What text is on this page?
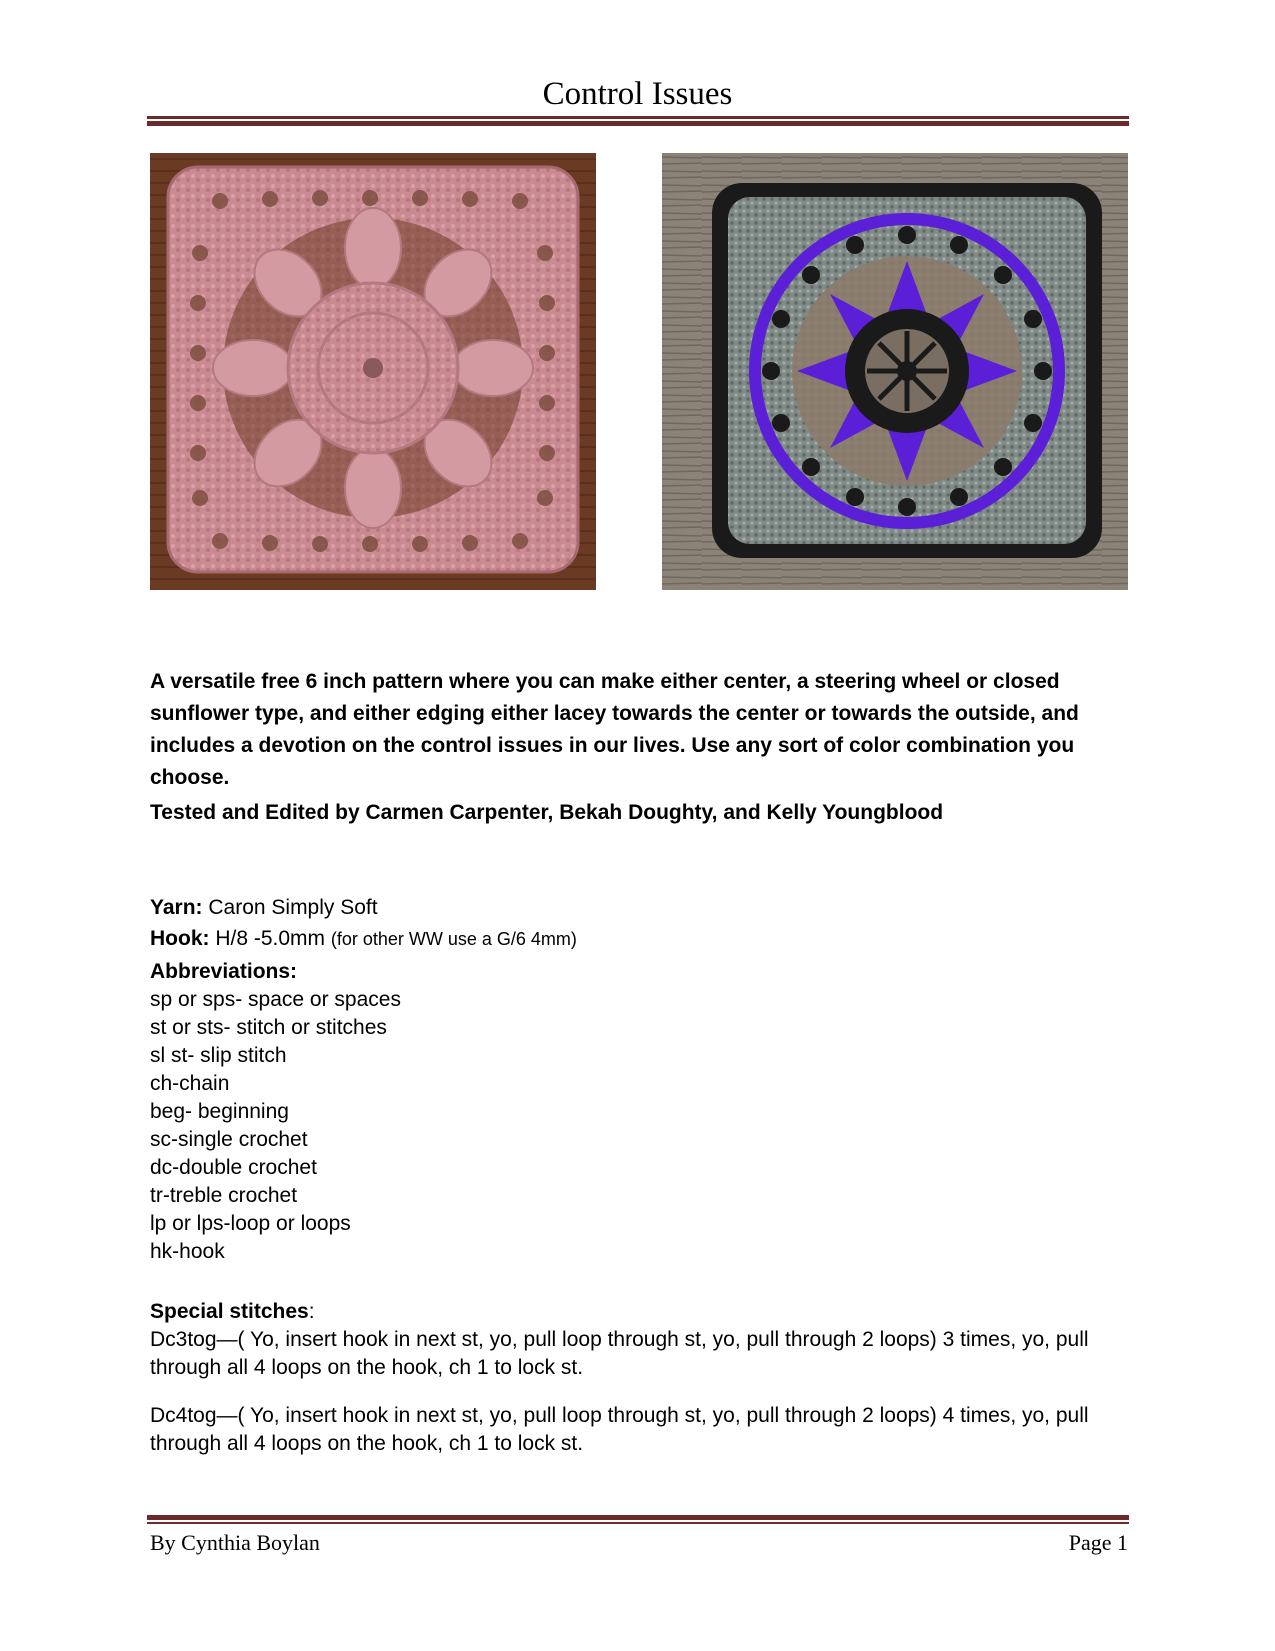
Control Issues
A versatile free 6 inch pattern where you can make either center, a steering wheel or closed sunflower type, and either edging either lacey towards the center or towards the outside, and includes a devotion on the control issues in our lives. Use any sort of color combination you choose.
Tested and Edited by Carmen Carpenter, Bekah Doughty, and Kelly Youngblood
Yarn: Caron Simply Soft
Hook: H/8 -5.0mm (for other WW use a G/6 4mm)
Abbreviations:
sp or sps- space or spaces
st or sts- stitch or stitches
sl st- slip stitch
ch-chain
beg- beginning
sc-single crochet
dc-double crochet
tr-treble crochet
lp or lps-loop or loops
hk-hook
Special stitches:

Dc3tog—( Yo, insert hook in next st, yo, pull loop through st, yo, pull through 2 loops) 3 times, yo, pull through all 4 loops on the hook, ch 1 to lock st.

Dc4tog—( Yo, insert hook in next st, yo, pull loop through st, yo, pull through 2 loops) 4 times, yo, pull through all 4 loops on the hook, ch 1 to lock st.

By Cynthia Boylan	Page 1
